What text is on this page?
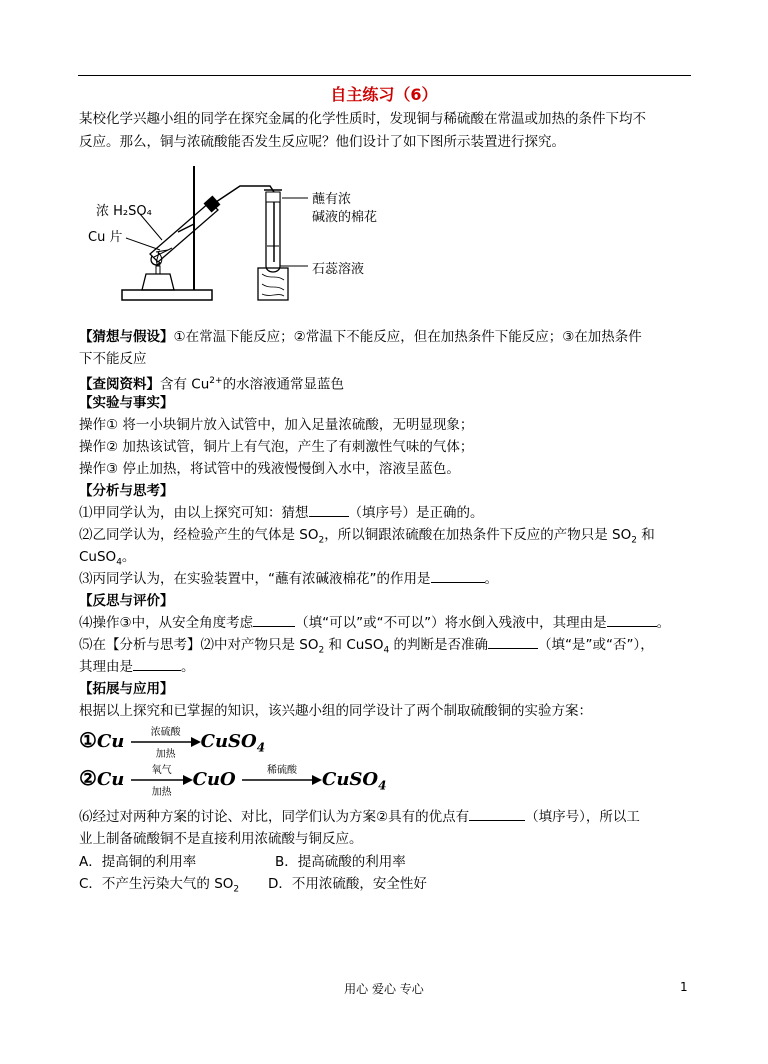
自主练习（6）
某校化学兴趣小组的同学在探究金属的化学性质时，发现铜与稀硫酸在常温或加热的条件下均不
反应。那么，铜与浓硫酸能否发生反应呢？他们设计了如下图所示装置进行探究。
浓 H₂SO₄
Cu 片
蘸有浓
碱液的棉花
石蕊溶液
【猜想与假设】①在常温下能反应；②常温下不能反应，但在加热条件下能反应；③在加热条件
下不能反应
【查阅资料】含有 $Cu^{2+}$的水溶液通常显蓝色
【实验与事实】
操作① 将一小块铜片放入试管中，加入足量浓硫酸，无明显现象；
操作② 加热该试管，铜片上有气泡，产生了有刺激性气味的气体；
操作③ 停止加热，将试管中的残液慢慢倒入水中，溶液呈蓝色。
【分析与思考】
⑴甲同学认为，由以上探究可知：猜想	（填序号）是正确的。
⑵乙同学认为，经检验产生的气体是 $SO_2$，所以铜跟浓硫酸在加热条件下反应的产物只是 $SO_2$ 和
CuSO$_4$。
⑶丙同学认为，在实验装置中，“蘸有浓碱液棉花”的作用是	。
【反思与评价】
⑷操作③中，从安全角度考虑	（填“可以”或“不可以”）将水倒入残液中，其理由是	。
⑸在【分析与思考】⑵中对产物只是 $SO_2$ 和 CuSO$_4$ 的判断是否准确	（填“是”或“否”），
其理由是	。
【拓展与应用】
根据以上探究和已掌握的知识，该兴趣小组的同学设计了两个制取硫酸铜的实验方案：
①Cu	浓硫酸
加热
CuSO$_4$
②Cu	氧气
加热
CuO	稀硫酸	CuSO$_4$
⑹经过对两种方案的讨论、对比，同学们认为方案②具有的优点有	（填序号），所以工
业上制备硫酸铜不是直接利用浓硫酸与铜反应。
A．提高铜的利用率	B．提高硫酸的利用率
C．不产生污染大气的 $SO_2$ D．不用浓硫酸，安全性好
用心 爱心 专心	1
